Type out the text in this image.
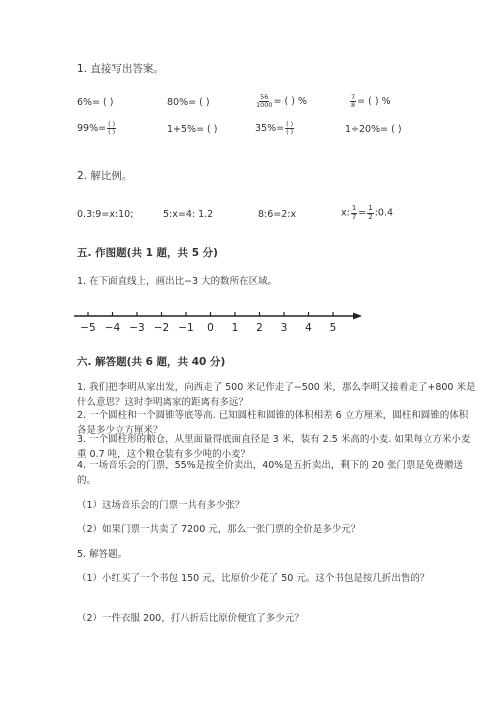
1. 直接写出答案。
6%= ( )	80%= ( )	$\frac{56}{1000}$ = ( ) %	$\frac{7}{8}$ = ( ) %
$99\%= \frac{( )}{( )}$	1+5%= ( )	$35\%= \frac{( )}{( )}$	1÷20%= ( )
2. 解比例。
0.3:9=x:10;	5:x=4: 1.2	8:6=2:x	x: $\frac{1}{7} = \frac{1}{2}$ :0.4
五. 作图题(共 1 题，共 5 分)
1. 在下面直线上，画出比−3 大的数所在区域。
−5 −4 −3 −2 −1 0 1 2 3 4 5
六. 解答题(共 6 题，共 40 分)
1. 我们把李明从家出发，向西走了 500 米记作走了−500 米，那么李明又接着走了+800 米是什么意思？这时李明离家的距离有多远？
2. 一个圆柱和一个圆锥等底等高. 已知圆柱和圆锥的体积相差 6 立方厘米，圆柱和圆锥的体积各是多少立方厘米？
3. 一个圆柱形的粮仓，从里面量得底面直径是 3 米，装有 2.5 米高的小麦. 如果每立方米小麦重 0.7 吨，这个粮仓装有多少吨的小麦？
4. 一场音乐会的门票，55%是按全价卖出，40%是五折卖出，剩下的 20 张门票是免费赠送的。
（1）这场音乐会的门票一共有多少张？
（2）如果门票一共卖了 7200 元，那么一张门票的全价是多少元？
5. 解答题。
（1）小红买了一个书包 150 元，比原价少花了 50 元。这个书包是按几折出售的？
（2）一件衣服 200，打八折后比原价便宜了多少元？
